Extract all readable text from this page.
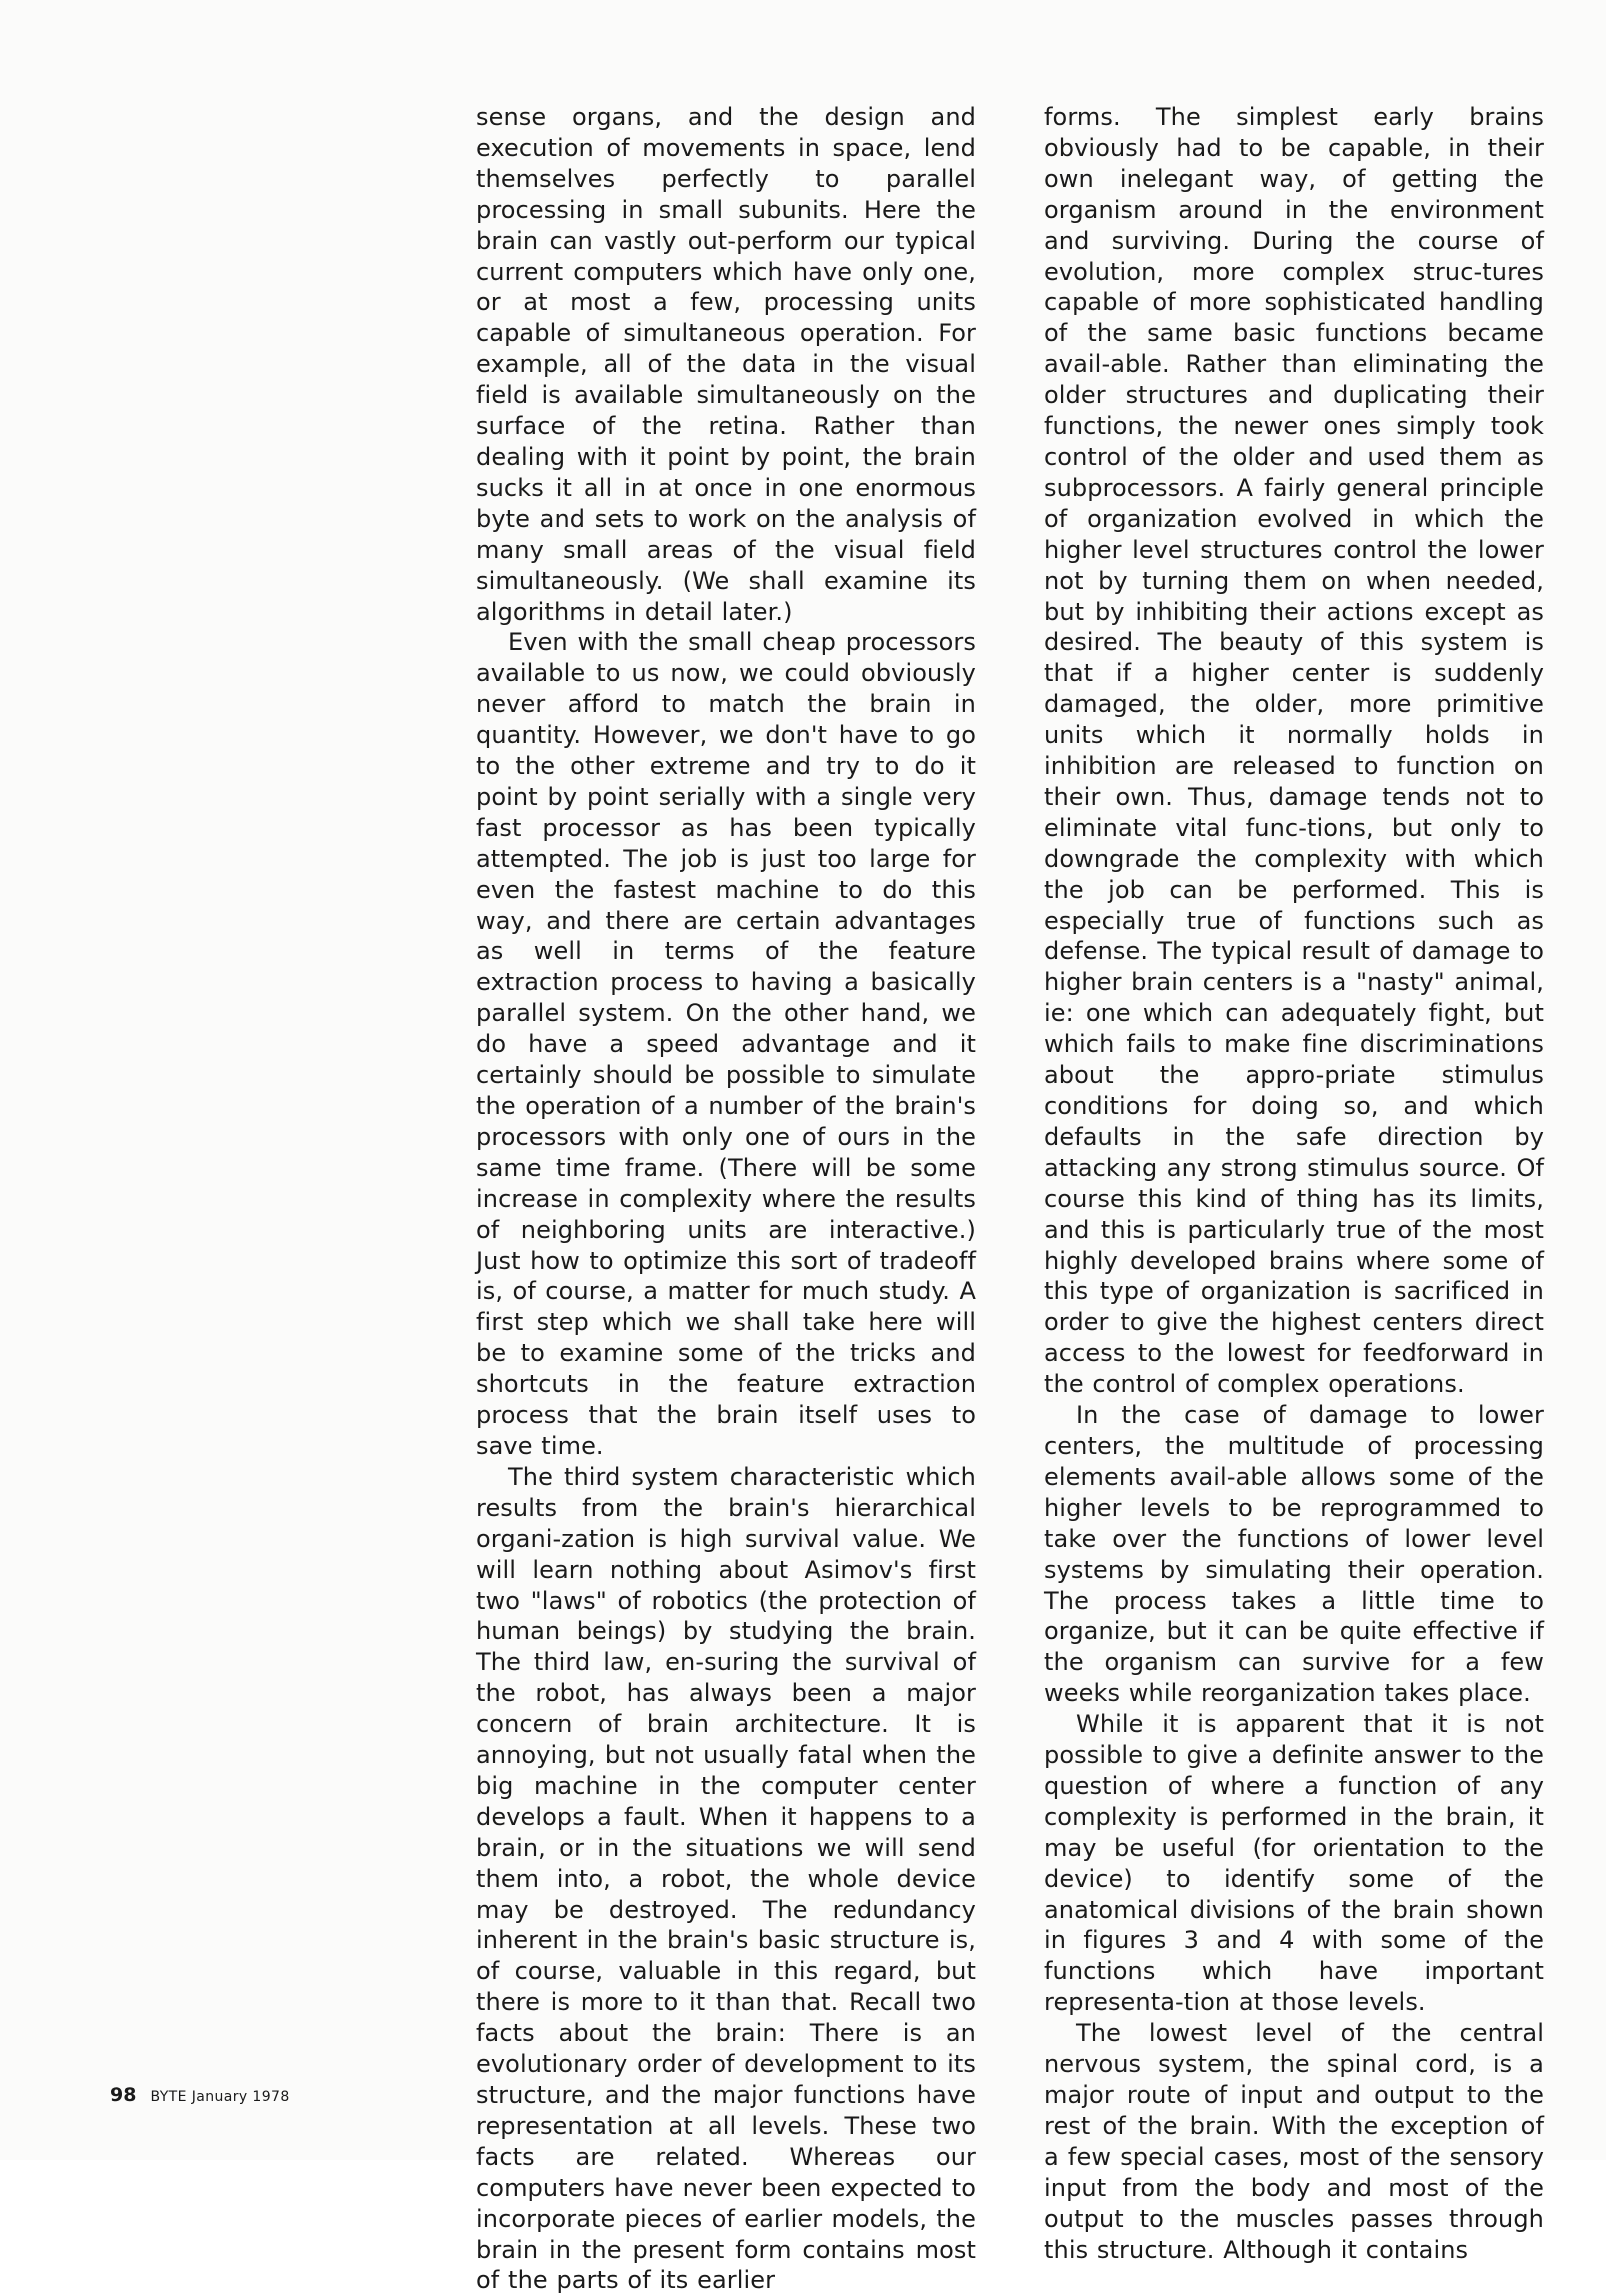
sense organs, and the design and execution of movements in space, lend themselves perfectly to parallel processing in small subunits. Here the brain can vastly out-perform our typical current computers which have only one, or at most a few, processing units capable of simultaneous operation. For example, all of the data in the visual field is available simultaneously on the surface of the retina. Rather than dealing with it point by point, the brain sucks it all in at once in one enormous byte and sets to work on the analysis of many small areas of the visual field simultaneously. (We shall examine its algorithms in detail later.)

Even with the small cheap processors available to us now, we could obviously never afford to match the brain in quantity. However, we don't have to go to the other extreme and try to do it point by point serially with a single very fast processor as has been typically attempted. The job is just too large for even the fastest machine to do this way, and there are certain advantages as well in terms of the feature extraction process to having a basically parallel system. On the other hand, we do have a speed advantage and it certainly should be possible to simulate the operation of a number of the brain's processors with only one of ours in the same time frame. (There will be some increase in complexity where the results of neighboring units are interactive.) Just how to optimize this sort of tradeoff is, of course, a matter for much study. A first step which we shall take here will be to examine some of the tricks and shortcuts in the feature extraction process that the brain itself uses to save time.

The third system characteristic which results from the brain's hierarchical organi-zation is high survival value. We will learn nothing about Asimov's first two "laws" of robotics (the protection of human beings) by studying the brain. The third law, en-suring the survival of the robot, has always been a major concern of brain architecture. It is annoying, but not usually fatal when the big machine in the computer center develops a fault. When it happens to a brain, or in the situations we will send them into, a robot, the whole device may be destroyed. The redundancy inherent in the brain's basic structure is, of course, valuable in this regard, but there is more to it than that. Recall two facts about the brain: There is an evolutionary order of development to its structure, and the major functions have representation at all levels. These two facts are related. Whereas our computers have never been expected to incorporate pieces of earlier models, the brain in the present form contains most of the parts of its earlier

forms. The simplest early brains obviously had to be capable, in their own inelegant way, of getting the organism around in the environment and surviving. During the course of evolution, more complex struc-tures capable of more sophisticated handling of the same basic functions became avail-able. Rather than eliminating the older structures and duplicating their functions, the newer ones simply took control of the older and used them as subprocessors. A fairly general principle of organization evolved in which the higher level structures control the lower not by turning them on when needed, but by inhibiting their actions except as desired. The beauty of this system is that if a higher center is suddenly damaged, the older, more primitive units which it normally holds in inhibition are released to function on their own. Thus, damage tends not to eliminate vital func-tions, but only to downgrade the complexity with which the job can be performed. This is especially true of functions such as defense. The typical result of damage to higher brain centers is a "nasty" animal, ie: one which can adequately fight, but which fails to make fine discriminations about the appro-priate stimulus conditions for doing so, and which defaults in the safe direction by attacking any strong stimulus source. Of course this kind of thing has its limits, and this is particularly true of the most highly developed brains where some of this type of organization is sacrificed in order to give the highest centers direct access to the lowest for feedforward in the control of complex operations.

In the case of damage to lower centers, the multitude of processing elements avail-able allows some of the higher levels to be reprogrammed to take over the functions of lower level systems by simulating their operation. The process takes a little time to organize, but it can be quite effective if the organism can survive for a few weeks while reorganization takes place.

While it is apparent that it is not possible to give a definite answer to the question of where a function of any complexity is performed in the brain, it may be useful (for orientation to the device) to identify some of the anatomical divisions of the brain shown in figures 3 and 4 with some of the functions which have important representa-tion at those levels.

The lowest level of the central nervous system, the spinal cord, is a major route of input and output to the rest of the brain. With the exception of a few special cases, most of the sensory input from the body and most of the output to the muscles passes through this structure. Although it contains

98 BYTE January 1978
